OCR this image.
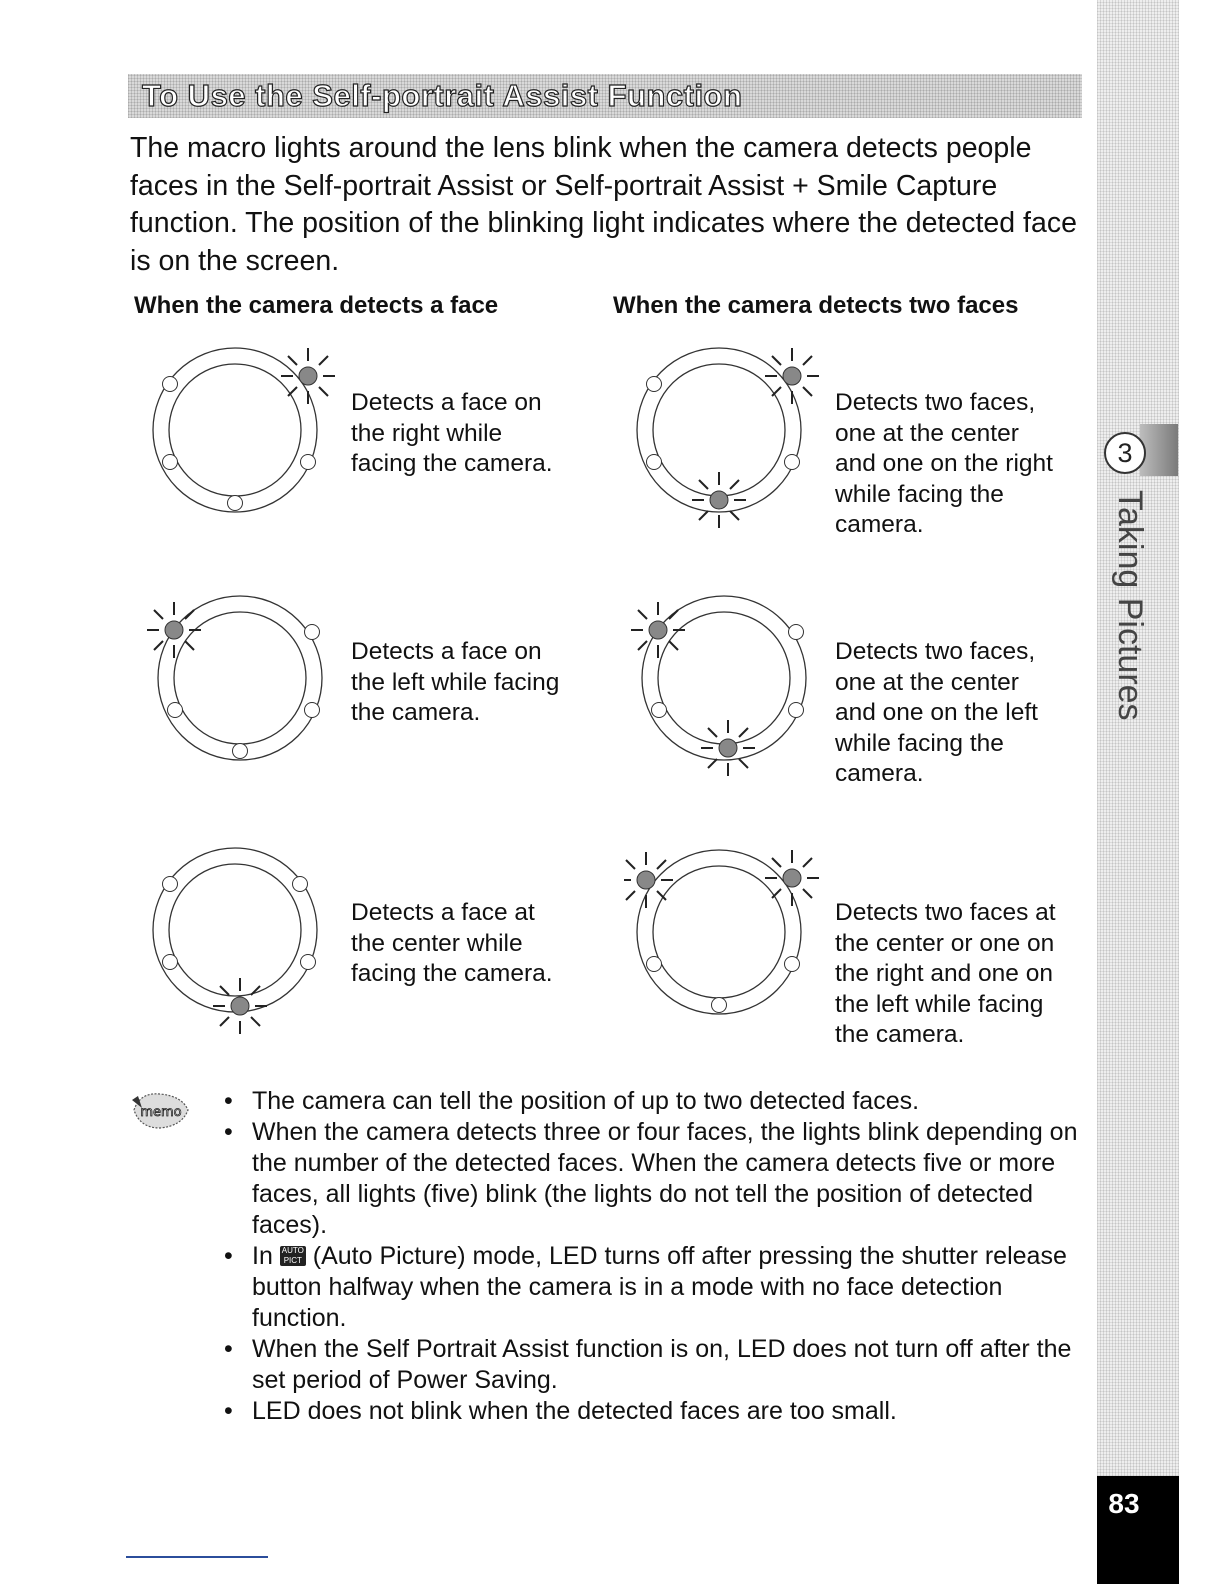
3
Taking Pictures
83
To Use the Self-portrait Assist Function
The macro lights around the lens blink when the camera detects people faces in the Self-portrait Assist or Self-portrait Assist + Smile Capture function. The position of the blinking light indicates where the detected face is on the screen.
When the camera detects a face	When the camera detects two faces
Detects a face on
the right while
facing the camera.
Detects two faces,
one at the center
and one on the right
while facing the
camera.
Detects a face on
the left while facing
the camera.
Detects two faces,
one at the center
and one on the left
while facing the
camera.
Detects a face at
the center while
facing the camera.
Detects two faces at
the center or one on
the right and one on
the left while facing
the camera.
memo • The camera can tell the position of up to two detected faces.
• When the camera detects three or four faces, the lights blink depending on the number of the detected faces. When the camera detects five or more faces, all lights (five) blink (the lights do not tell the position of detected faces).
• In AUTO PICT (Auto Picture) mode, LED turns off after pressing the shutter release button halfway when the camera is in a mode with no face detection function.
• When the Self Portrait Assist function is on, LED does not turn off after the set period of Power Saving.
• LED does not blink when the detected faces are too small.
